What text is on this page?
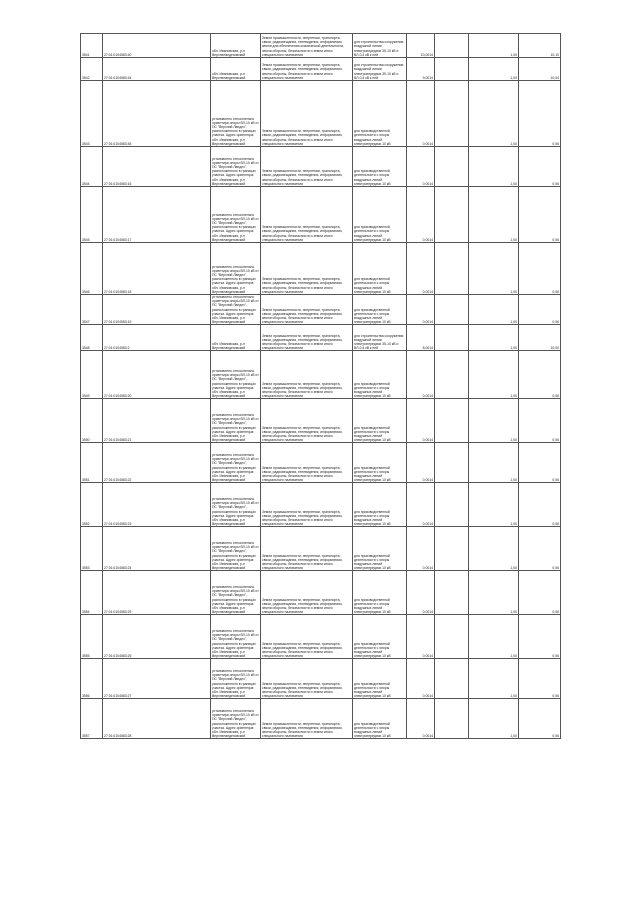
3541	27:01:0104583:40	обл. Ивановская, р-н Верхнеландеховский	Земли промышленности, энергетики, транспорта, связи, радиовещания, телевидения, информатики, земли для обеспечения космической деятельности, земли обороны, безопасности и земли иного специального назначения	для строительства сооружения воздушной линии электропередачи 35-10 кВ и ВЛ-0,4 кВ к ней	10,0014		1,00	10,10
3542	27:01:0104583:44	обл. Ивановская, р-н Верхнеландеховский	Земли промышленности, энергетики, транспорта, связи, радиовещания, телевидения, информатики, земли обороны, безопасности и земли иного специального назначения	для строительства сооружения воздушной линии электропередачи 35-10 кВ и ВЛ-0,4 кВ к ней	9,0014		1,00	10,04
3543	27:01:0104583:45	установлено относительно ориентира опоры ВЛ-10 кВ от ПС "Верхний Ландех", расположенного в границах участка. Адрес ориентира: обл. Ивановская, р-н Верхнеландеховский	Земли промышленности, энергетики, транспорта, связи, радиовещания, телевидения, информатики, земли обороны, безопасности и земли иного специального назначения	для производственной деятельности с опоры воздушных линий электропередачи 10 кВ	0,0014		1,00	0,06
3544	27:01:0104583:16	установлено относительно ориентира опоры ВЛ-10 кВ от ПС "Верхний Ландех", расположенного в границах участка. Адрес ориентира: обл. Ивановская, р-н Верхнеландеховский	Земли промышленности, энергетики, транспорта, связи, радиовещания, телевидения, информатики, земли обороны, безопасности и земли иного специального назначения	для производственной деятельности с опоры воздушных линий электропередачи 10 кВ	0,0014		1,00	0,06
3545	27:01:0104583:17	установлено относительно ориентира опоры ВЛ-10 кВ от ПС "Верхний Ландех", расположенного в границах участка. Адрес ориентира: обл. Ивановская, р-н Верхнеландеховский	Земли промышленности, энергетики, транспорта, связи, радиовещания, телевидения, информатики, земли обороны, безопасности и земли иного специального назначения	для производственной деятельности с опоры воздушных линий электропередачи 10 кВ	0,0014		1,00	0,06
3546	27:01:0104583:18	установлено относительно ориентира опоры ВЛ-10 кВ от ПС "Верхний Ландех", расположенного в границах участка. Адрес ориентира: обл. Ивановская, р-н Верхнеландеховский	Земли промышленности, энергетики, транспорта, связи, радиовещания, телевидения, информатики, земли обороны, безопасности и земли иного специального назначения	для производственной деятельности с опоры воздушных линий электропередачи 10 кВ	0,0014		1,00	0,06
3547	27:01:0104583:19	установлено относительно ориентира опоры ВЛ-10 кВ от ПС "Верхний Ландех", расположенного в границах участка. Адрес ориентира: обл. Ивановская, р-н Верхнеландеховский	Земли промышленности, энергетики, транспорта, связи, радиовещания, телевидения, информатики, земли обороны, безопасности и земли иного специального назначения	для производственной деятельности с опоры воздушных линий электропередачи 10 кВ	0,0014		1,00	0,06
3548	27:01:0104583:2	обл. Ивановская, р-н Верхнеландеховский	Земли промышленности, энергетики, транспорта, связи, радиовещания, телевидения, информатики, земли обороны, безопасности и земли иного специального назначения	для строительства сооружения воздушной линии электропередачи 35-10 кВ и ВЛ-0,4 кВ к ней	8,0014		1,00	10,00
3549	27:01:0104583:20	установлено относительно ориентира опоры ВЛ-10 кВ от ПС "Верхний Ландех", расположенного в границах участка. Адрес ориентира: обл. Ивановская, р-н Верхнеландеховский	Земли промышленности, энергетики, транспорта, связи, радиовещания, телевидения, информатики, земли обороны, безопасности и земли иного специального назначения	для производственной деятельности с опоры воздушных линий электропередачи 10 кВ	0,0014		1,00	0,06
3550	27:01:0104583:21	установлено относительно ориентира опоры ВЛ-10 кВ от ПС "Верхний Ландех", расположенного в границах участка. Адрес ориентира: обл. Ивановская, р-н Верхнеландеховский	Земли промышленности, энергетики, транспорта, связи, радиовещания, телевидения, информатики, земли обороны, безопасности и земли иного специального назначения	для производственной деятельности с опоры воздушных линий электропередачи 10 кВ	0,0014		1,00	0,06
3551	27:01:0104583:22	установлено относительно ориентира опоры ВЛ-10 кВ от ПС "Верхний Ландех", расположенного в границах участка. Адрес ориентира: обл. Ивановская, р-н Верхнеландеховский	Земли промышленности, энергетики, транспорта, связи, радиовещания, телевидения, информатики, земли обороны, безопасности и земли иного специального назначения	для производственной деятельности с опоры воздушных линий электропередачи 10 кВ	0,0014		1,00	0,06
3552	27:01:0104583:23	установлено относительно ориентира опоры ВЛ-10 кВ от ПС "Верхний Ландех", расположенного в границах участка. Адрес ориентира: обл. Ивановская, р-н Верхнеландеховский	Земли промышленности, энергетики, транспорта, связи, радиовещания, телевидения, информатики, земли обороны, безопасности и земли иного специального назначения	для производственной деятельности с опоры воздушных линий электропередачи 10 кВ	0,0014		1,00	0,06
3553	27:01:0104583:24	установлено относительно ориентира опоры ВЛ-10 кВ от ПС "Верхний Ландех", расположенного в границах участка. Адрес ориентира: обл. Ивановская, р-н Верхнеландеховский	Земли промышленности, энергетики, транспорта, связи, радиовещания, телевидения, информатики, земли обороны, безопасности и земли иного специального назначения	для производственной деятельности с опоры воздушных линий электропередачи 10 кВ	0,0014		1,00	0,06
3554	27:01:0104583:25	установлено относительно ориентира опоры ВЛ-10 кВ от ПС "Верхний Ландех", расположенного в границах участка. Адрес ориентира: обл. Ивановская, р-н Верхнеландеховский	Земли промышленности, энергетики, транспорта, связи, радиовещания, телевидения, информатики, земли обороны, безопасности и земли иного специального назначения	для производственной деятельности с опоры воздушных линий электропередачи 10 кВ	0,0014		1,00	0,06
3555	27:01:0104583:26	установлено относительно ориентира опоры ВЛ-10 кВ от ПС "Верхний Ландех", расположенного в границах участка. Адрес ориентира: обл. Ивановская, р-н Верхнеландеховский	Земли промышленности, энергетики, транспорта, связи, радиовещания, телевидения, информатики, земли обороны, безопасности и земли иного специального назначения	для производственной деятельности с опоры воздушных линий электропередачи 10 кВ	0,0014		1,00	0,06
3556	27:01:0104583:27	установлено относительно ориентира опоры ВЛ-10 кВ от ПС "Верхний Ландех", расположенного в границах участка. Адрес ориентира: обл. Ивановская, р-н Верхнеландеховский	Земли промышленности, энергетики, транспорта, связи, радиовещания, телевидения, информатики, земли обороны, безопасности и земли иного специального назначения	для производственной деятельности с опоры воздушных линий электропередачи 10 кВ	0,0014		1,00	0,06
3557	27:01:0104583:28	установлено относительно ориентира опоры ВЛ-10 кВ от ПС "Верхний Ландех", расположенного в границах участка. Адрес ориентира: обл. Ивановская, р-н Верхнеландеховский	Земли промышленности, энергетики, транспорта, связи, радиовещания, телевидения, информатики, земли обороны, безопасности и земли иного специального назначения	для производственной деятельности с опоры воздушных линий электропередачи 10 кВ	0,0014		1,00	0,06
